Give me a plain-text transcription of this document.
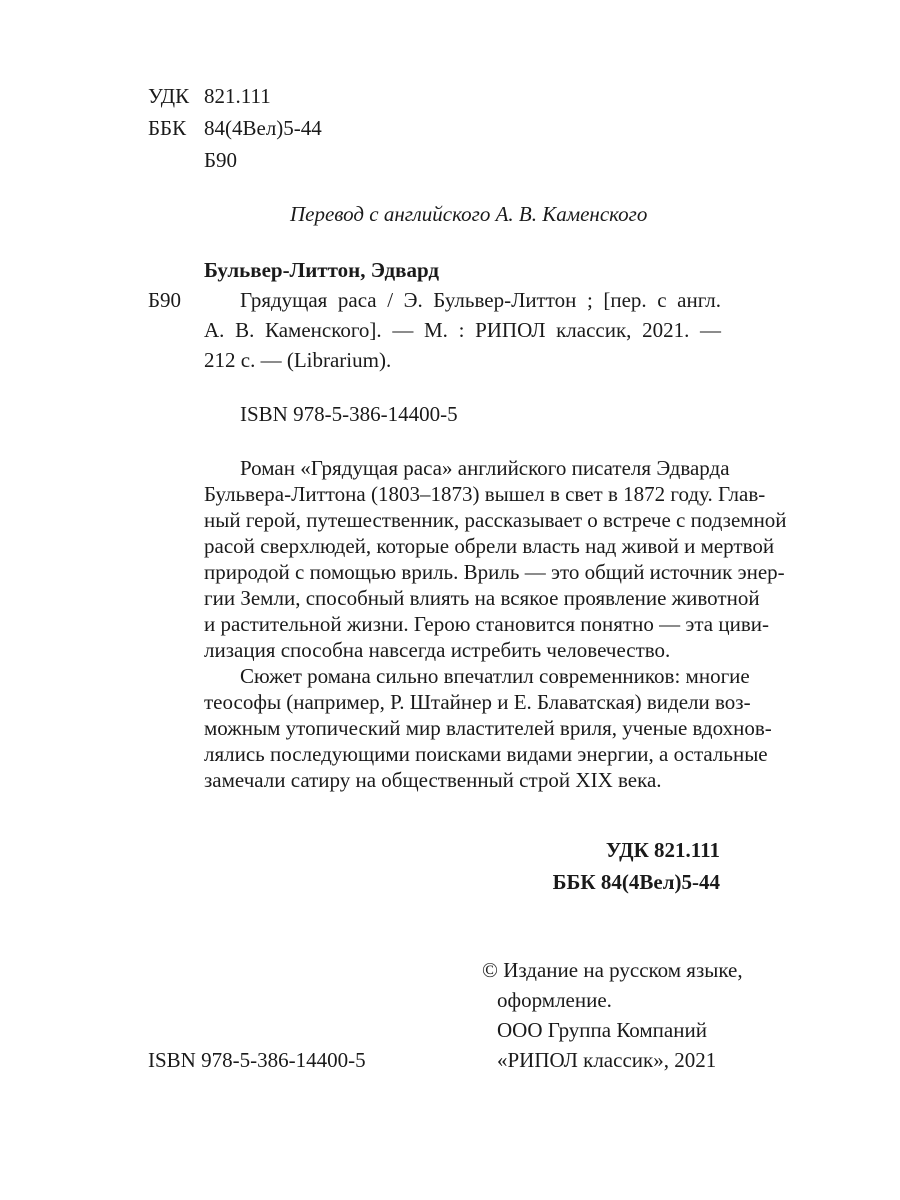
УДК 821.111
ББК 84(4Вел)5-44
Б90
Перевод с английского А. В. Каменского
Бульвер-Литтон, Эдвард
Б90	Грядущая раса / Э. Бульвер-Литтон ; [пер. с англ.
А. В. Каменского]. — М. : РИПОЛ классик, 2021. —
212 с. — (Librarium).
ISBN 978-5-386-14400-5
Роман «Грядущая раса» английского писателя Эдварда
Бульвера-Литтона (1803–1873) вышел в свет в 1872 году. Глав-
ный герой, путешественник, рассказывает о встрече с подземной
расой сверхлюдей, которые обрели власть над живой и мертвой
природой с помощью вриль. Вриль — это общий источник энер-
гии Земли, способный влиять на всякое проявление животной
и растительной жизни. Герою становится понятно — эта циви-
лизация способна навсегда истребить человечество.
Сюжет романа сильно впечатлил современников: многие
теософы (например, Р. Штайнер и Е. Блаватская) видели воз-
можным утопический мир властителей вриля, ученые вдохнов-
лялись последующими поисками видами энергии, а остальные
замечали сатиру на общественный строй XIX века.
УДК 821.111
ББК 84(4Вел)5-44
© Издание на русском языке,
оформление.
ООО Группа Компаний
«РИПОЛ классик», 2021
ISBN 978-5-386-14400-5
